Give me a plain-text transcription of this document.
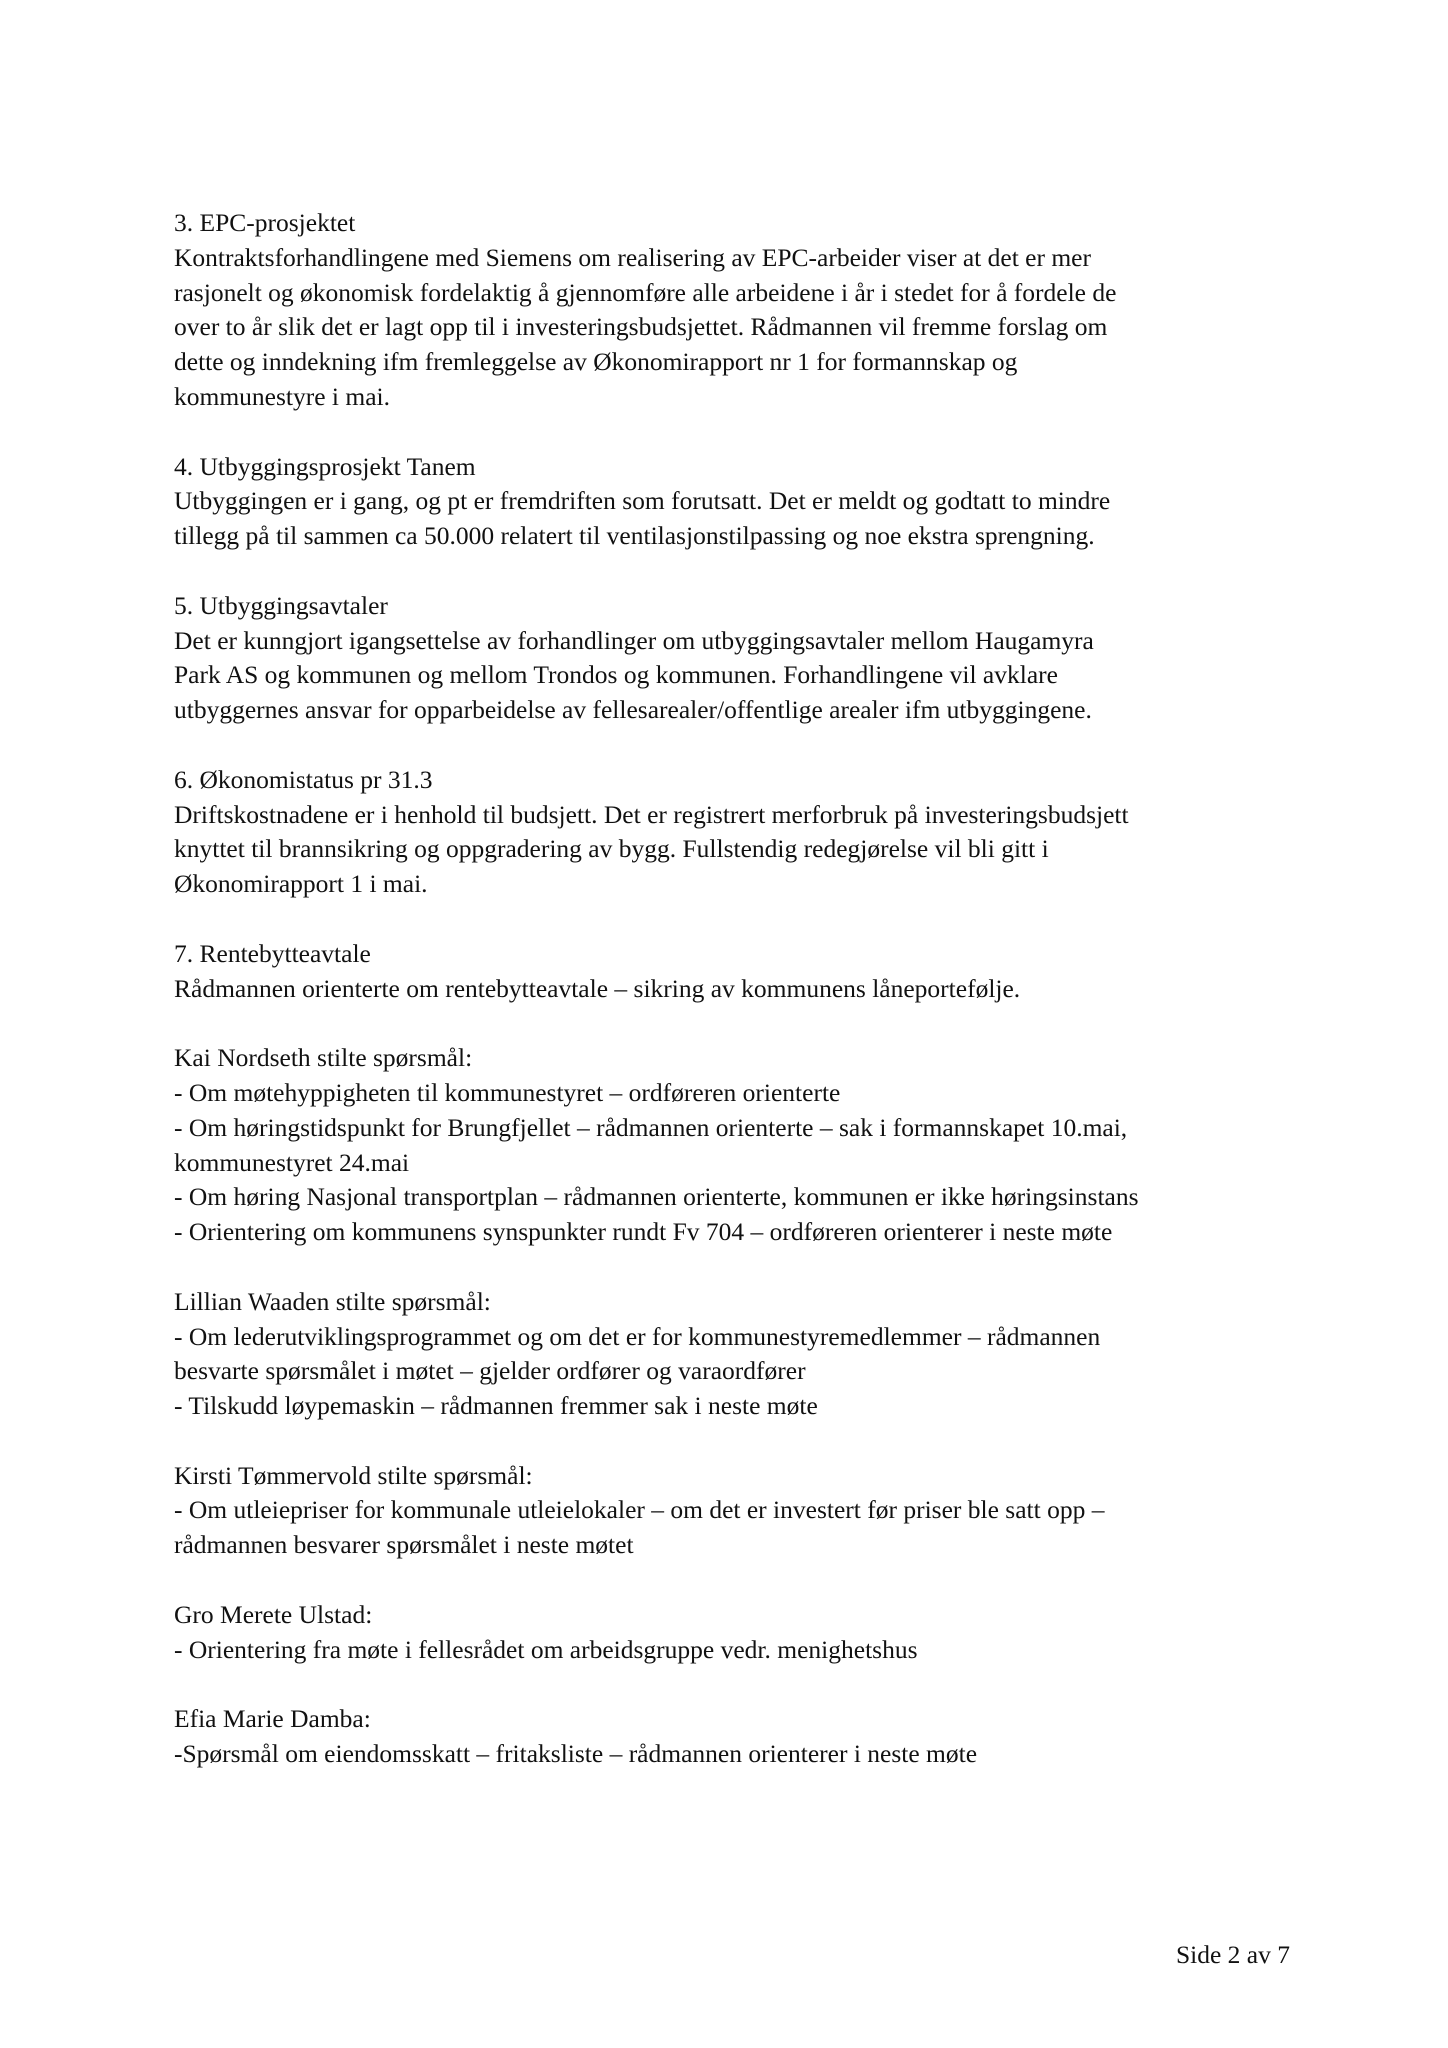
3. EPC-prosjektet
Kontraktsforhandlingene med Siemens om realisering av EPC-arbeider viser at det er mer
rasjonelt og økonomisk fordelaktig å gjennomføre alle arbeidene i år i stedet for å fordele de
over to år slik det er lagt opp til i investeringsbudsjettet. Rådmannen vil fremme forslag om
dette og inndekning ifm fremleggelse av Økonomirapport nr 1 for formannskap og
kommunestyre i mai.
4. Utbyggingsprosjekt Tanem
Utbyggingen er i gang, og pt er fremdriften som forutsatt. Det er meldt og godtatt to mindre
tillegg på til sammen ca 50.000 relatert til ventilasjonstilpassing og noe ekstra sprengning.
5. Utbyggingsavtaler
Det er kunngjort igangsettelse av forhandlinger om utbyggingsavtaler mellom Haugamyra
Park AS og kommunen og mellom Trondos og kommunen. Forhandlingene vil avklare
utbyggernes ansvar for opparbeidelse av fellesarealer/offentlige arealer ifm utbyggingene.
6. Økonomistatus pr 31.3
Driftskostnadene er i henhold til budsjett. Det er registrert merforbruk på investeringsbudsjett
knyttet til brannsikring og oppgradering av bygg. Fullstendig redegjørelse vil bli gitt i
Økonomirapport 1 i mai.
7. Rentebytteavtale
Rådmannen orienterte om rentebytteavtale – sikring av kommunens låneportefølje.
Kai Nordseth stilte spørsmål:
- Om møtehyppigheten til kommunestyret – ordføreren orienterte
- Om høringstidspunkt for Brungfjellet – rådmannen orienterte – sak i formannskapet 10.mai,
kommunestyret 24.mai
- Om høring Nasjonal transportplan – rådmannen orienterte, kommunen er ikke høringsinstans
- Orientering om kommunens synspunkter rundt Fv 704 – ordføreren orienterer i neste møte
Lillian Waaden stilte spørsmål:
- Om lederutviklingsprogrammet og om det er for kommunestyremedlemmer – rådmannen
besvarte spørsmålet i møtet – gjelder ordfører og varaordfører
- Tilskudd løypemaskin – rådmannen fremmer sak i neste møte
Kirsti Tømmervold stilte spørsmål:
- Om utleiepriser for kommunale utleielokaler – om det er investert før priser ble satt opp –
rådmannen besvarer spørsmålet i neste møtet
Gro Merete Ulstad:
- Orientering fra møte i fellesrådet om arbeidsgruppe vedr. menighetshus
Efia Marie Damba:
-Spørsmål om eiendomsskatt – fritaksliste – rådmannen orienterer i neste møte
Side 2 av 7
